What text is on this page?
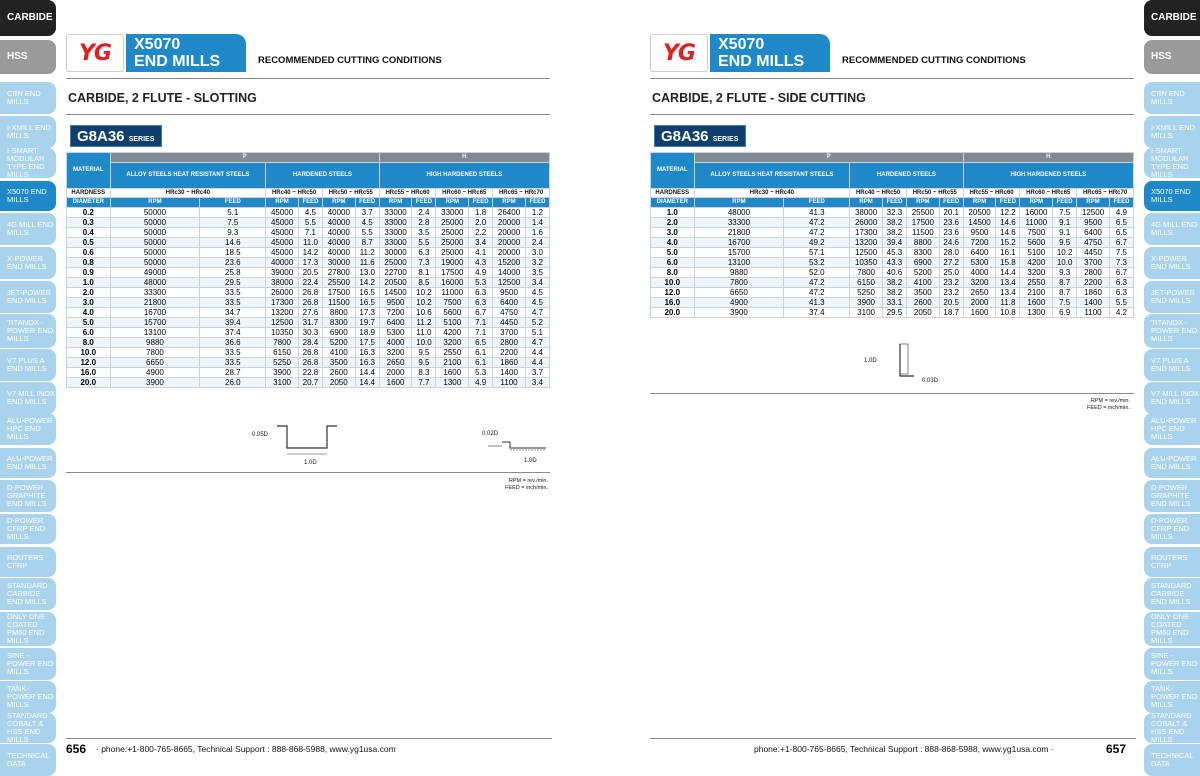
CARBIDE
HSS
CBN END MILLS
I-XMILL END MILLS
I-SMART MODULAR TYPE END MILLS
X5070 END MILLS
4G MILL END MILLS
X-POWER END MILLS
JET-POWER END MILLS
TITANOX -POWER END MILLS
V7 PLUS A END MILLS
V7 MILL INOX END MILLS
ALU-POWER HPC END MILLS
ALU-POWER END MILLS
D-POWER GRAPHITE END MILLS
D-POWER CFRP END MILLS
ROUTERS CFRP
STANDARD CARBIDE END MILLS
ONLY ONE COATED PM60 END MILLS
SINE -POWER END MILLS
TANK-POWER END MILLS
STANDARD COBALT & HSS END MILLS
TECHNICAL DATA
CARBIDE
HSS
CBN END MILLS
I-XMILL END MILLS
I-SMART MODULAR TYPE END MILLS
X5070 END MILLS
4G MILL END MILLS
X-POWER END MILLS
JET-POWER END MILLS
TITANOX -POWER END MILLS
V7 PLUS A END MILLS
V7 MILL INOX END MILLS
ALU-POWER HPC END MILLS
ALU-POWER END MILLS
D-POWER GRAPHITE END MILLS
D-POWER CFRP END MILLS
ROUTERS CFRP
STANDARD CARBIDE END MILLS
ONLY ONE COATED PM60 END MILLS
SINE -POWER END MILLS
TANK-POWER END MILLS
STANDARD COBALT & HSS END MILLS
TECHNICAL DATA
YG X5070
END MILLS	RECOMMENDED CUTTING CONDITIONS
CARBIDE, 2 FLUTE - SLOTTING
G8A36 SERIES
MATERIAL	P						H					
	ALLOY STEELS HEAT RESISTANT STEELS		HARDENED STEELS				HIGH HARDENED STEELS					
HARDNESS	HRc30 ~ HRc40		HRc40 ~ HRc50		HRc50 ~ HRc55		HRc55 ~ HRc60		HRc60 ~ HRc65		HRc65 ~ HRc70	
DIAMETER	RPM	FEED	RPM	FEED	RPM	FEED	RPM	FEED	RPM	FEED	RPM	FEED
0.2	50000	5.1	45000	4.5	40000	3.7	33000	2.4	33000	1.8	26400	1.2
0.3	50000	7.5	45000	5.5	40000	4.5	33000	2.8	25000	2.0	20000	1.4
0.4	50000	9.3	45000	7.1	40000	5.5	33000	3.5	25000	2.2	20000	1.6
0.5	50000	14.6	45000	11.0	40000	8.7	33000	5.5	25000	3.4	20000	2.4
0.6	50000	18.5	45000	14.2	40000	11.2	30000	6.3	25000	4.1	20000	3.0
0.8	50000	23.6	40000	17.3	30000	11.6	25000	7.3	19000	4.3	15200	3.2
0.9	49000	25.8	39000	20.5	27800	13.0	22700	8.1	17500	4.9	14000	3.5
1.0	48000	29.5	38000	22.4	25500	14.2	20500	8.5	16000	5.3	12500	3.4
2.0	33300	33.5	26000	26.8	17500	16.5	14500	10.2	11000	6.3	9500	4.5
3.0	21800	33.5	17300	26.8	11500	16.5	9500	10.2	7500	6.3	6400	4.5
4.0	16700	34.7	13200	27.6	8800	17.3	7200	10.6	5600	6.7	4750	4.7
5.0	15700	39.4	12500	31.7	8300	19.7	6400	11.2	5100	7.1	4450	5.2
6.0	13100	37.4	10350	30.3	6900	18.9	5300	11.0	4200	7.1	3700	5.1
8.0	9880	36.6	7800	28.4	5200	17.5	4000	10.0	3200	6.5	2800	4.7
10.0	7800	33.5	6150	26.8	4100	16.3	3200	9.5	2550	6.1	2200	4.4
12.0	6650	33.5	5250	26.8	3500	16.3	2650	9.5	2100	6.1	1860	4.4
16.0	4900	28.7	3900	22.8	2600	14.4	2000	8.3	1600	5.3	1400	3.7
20.0	3900	26.0	3100	20.7	2050	14.4	1600	7.7	1300	4.9	1100	3.4
0.05D
1.0D
0.02D
1.0D
RPM = rev./min.
FEED = inch/min.
656 · phone:+1-800-765-8665, Technical Support : 888-868-5988, www.yg1usa.com
YG X5070
END MILLS	RECOMMENDED CUTTING CONDITIONS
CARBIDE, 2 FLUTE - SIDE CUTTING
G8A36 SERIES
MATERIAL	P						H					
	ALLOY STEELS HEAT RESISTANT STEELS		HARDENED STEELS				HIGH HARDENED STEELS					
HARDNESS	HRc30 ~ HRc40		HRc40 ~ HRc50		HRc50 ~ HRc55		HRc55 ~ HRc60		HRc60 ~ HRc65		HRc65 ~ HRc70	
DIAMETER	RPM	FEED	RPM	FEED	RPM	FEED	RPM	FEED	RPM	FEED	RPM	FEED
1.0	48000	41.3	38000	32.3	25500	20.1	20500	12.2	16000	7.5	12500	4.9
2.0	33300	47.2	26000	38.2	17500	23.6	14500	14.6	11000	9.1	9500	6.5
3.0	21800	47.2	17300	38.2	11500	23.6	9500	14.6	7500	9.1	6400	6.5
4.0	16700	49.2	13200	39.4	8800	24.6	7200	15.2	5600	9.5	4750	6.7
5.0	15700	57.1	12500	45.3	8300	28.0	6400	16.1	5100	10.2	4450	7.5
6.0	13100	53.2	10350	43.3	6900	27.2	5300	15.8	4200	10.0	3700	7.3
8.0	9880	52.0	7800	40.6	5200	25.0	4000	14.4	3200	9.3	2800	6.7
10.0	7800	47.2	6150	38.2	4100	23.2	3200	13.4	2550	8.7	2200	6.3
12.0	6650	47.2	5250	38.2	3500	23.2	2650	13.4	2100	8.7	1860	6.3
16.0	4900	41.3	3900	33.1	2600	20.5	2000	11.8	1600	7.5	1400	5.5
20.0	3900	37.4	3100	29.5	2050	18.7	1600	10.8	1300	6.9	1100	4.2
1.0D
0.03D
RPM = rev./min.
FEED = inch/min.
phone:+1-800-765-8665, Technical Support : 888-868-5988, www.yg1usa.com ·	657
